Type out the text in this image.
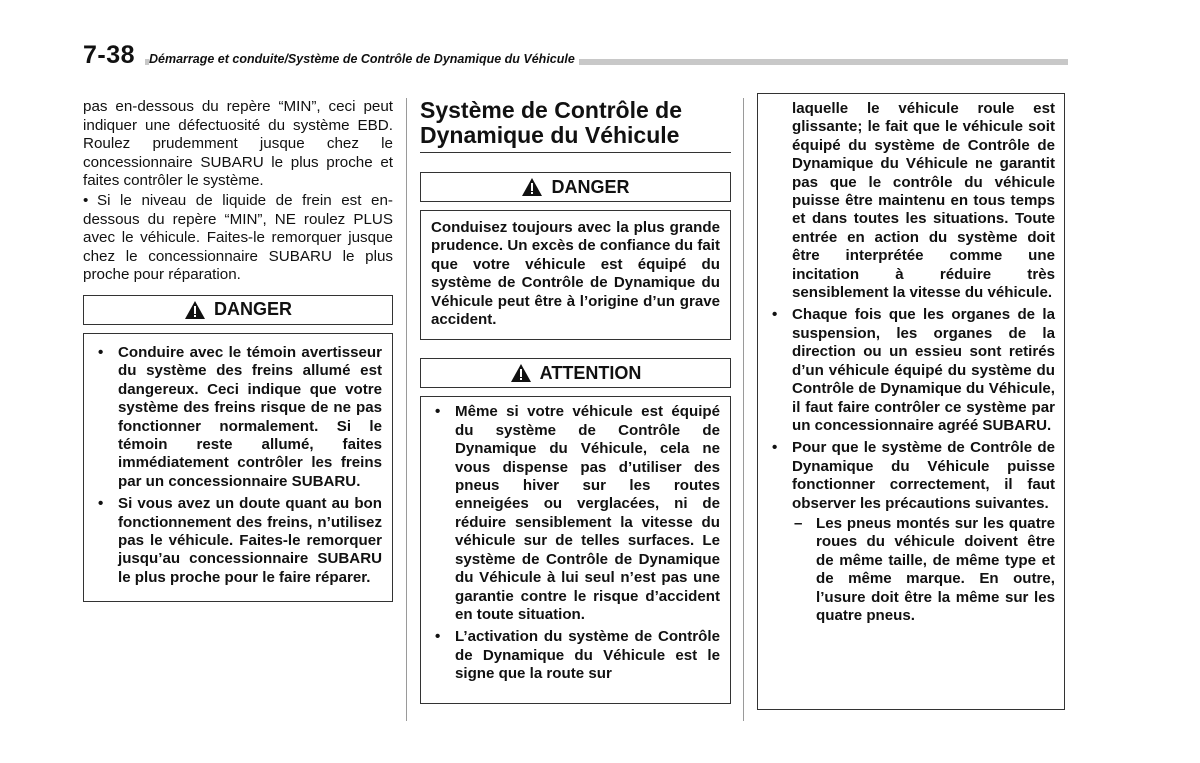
7-38 Démarrage et conduite/Système de Contrôle de Dynamique du Véhicule

pas en-dessous du repère “MIN”, ceci peut indiquer une défectuosité du système EBD. Roulez prudemment jusque chez le concessionnaire SUBARU le plus proche et faites contrôler le système.

• Si le niveau de liquide de frein est en-dessous du repère “MIN”, NE roulez PLUS avec le véhicule. Faites-le remorquer jusque chez le concessionnaire SUBARU le plus proche pour réparation.

DANGER
• Conduire avec le témoin avertisseur du système des freins allumé est dangereux. Ceci indique que votre système des freins risque de ne pas fonctionner normalement. Si le témoin reste allumé, faites immédiatement contrôler les freins par un concessionnaire SUBARU.
• Si vous avez un doute quant au bon fonctionnement des freins, n’utilisez pas le véhicule. Faites-le remorquer jusqu’au concessionnaire SUBARU le plus proche pour le faire réparer.
Système de Contrôle de Dynamique du Véhicule
DANGER

Conduisez toujours avec la plus grande prudence. Un excès de confiance du fait que votre véhicule est équipé du système de Contrôle de Dynamique du Véhicule peut être à l’origine d’un grave accident.

ATTENTION
• Même si votre véhicule est équipé du système de Contrôle de Dynamique du Véhicule, cela ne vous dispense pas d’utiliser des pneus hiver sur les routes enneigées ou verglacées, ni de réduire sensiblement la vitesse du véhicule sur de telles surfaces. Le système de Contrôle de Dynamique du Véhicule à lui seul n’est pas une garantie contre le risque d’accident en toute situation.
• L’activation du système de Contrôle de Dynamique du Véhicule est le signe que la route sur

laquelle le véhicule roule est glissante; le fait que le véhicule soit équipé du système de Contrôle de Dynamique du Véhicule ne garantit pas que le contrôle du véhicule puisse être maintenu en tous temps et dans toutes les situations. Toute entrée en action du système doit être interprétée comme une incitation à réduire très sensiblement la vitesse du véhicule.

• Chaque fois que les organes de la suspension, les organes de la direction ou un essieu sont retirés d’un véhicule équipé du système du Contrôle de Dynamique du Véhicule, il faut faire contrôler ce système par un concessionnaire agréé SUBARU.
• Pour que le système de Contrôle de Dynamique du Véhicule puisse fonctionner correctement, il faut observer les précautions suivantes.
– Les pneus montés sur les quatre roues du véhicule doivent être de même taille, de même type et de même marque. En outre, l’usure doit être la même sur les quatre pneus.
